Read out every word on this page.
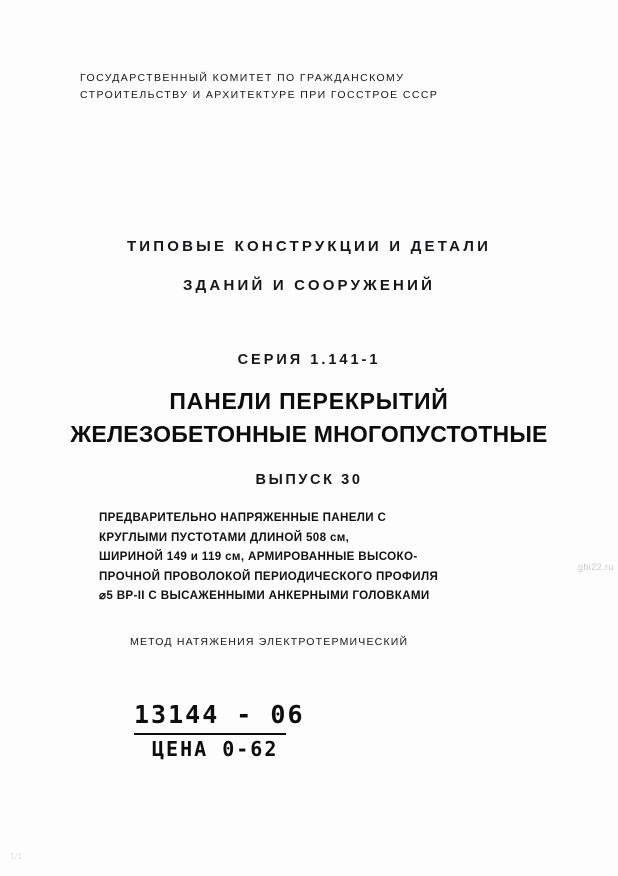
ГОСУДАРСТВЕННЫЙ КОМИТЕТ ПО ГРАЖДАНСКОМУ
СТРОИТЕЛЬСТВУ И АРХИТЕКТУРЕ ПРИ ГОССТРОЕ СССР
ТИПОВЫЕ КОНСТРУКЦИИ И ДЕТАЛИ
ЗДАНИЙ И СООРУЖЕНИЙ
СЕРИЯ 1.141-1
ПАНЕЛИ ПЕРЕКРЫТИЙ
ЖЕЛЕЗОБЕТОННЫЕ МНОГОПУСТОТНЫЕ
ВЫПУСК 30
ПРЕДВАРИТЕЛЬНО НАПРЯЖЕННЫЕ ПАНЕЛИ С
КРУГЛЫМИ ПУСТОТАМИ ДЛИНОЙ 508 см,
ШИРИНОЙ 149 и 119 см, АРМИРОВАННЫЕ ВЫСОКО-
ПРОЧНОЙ ПРОВОЛОКОЙ ПЕРИОДИЧЕСКОГО ПРОФИЛЯ
⌀5 ВР-II С ВЫСАЖЕННЫМИ АНКЕРНЫМИ ГОЛОВКАМИ
МЕТОД НАТЯЖЕНИЯ ЭЛЕКТРОТЕРМИЧЕСКИЙ
13144 - 06
ЦЕНА 0-62
gbi22.ru
1/1
